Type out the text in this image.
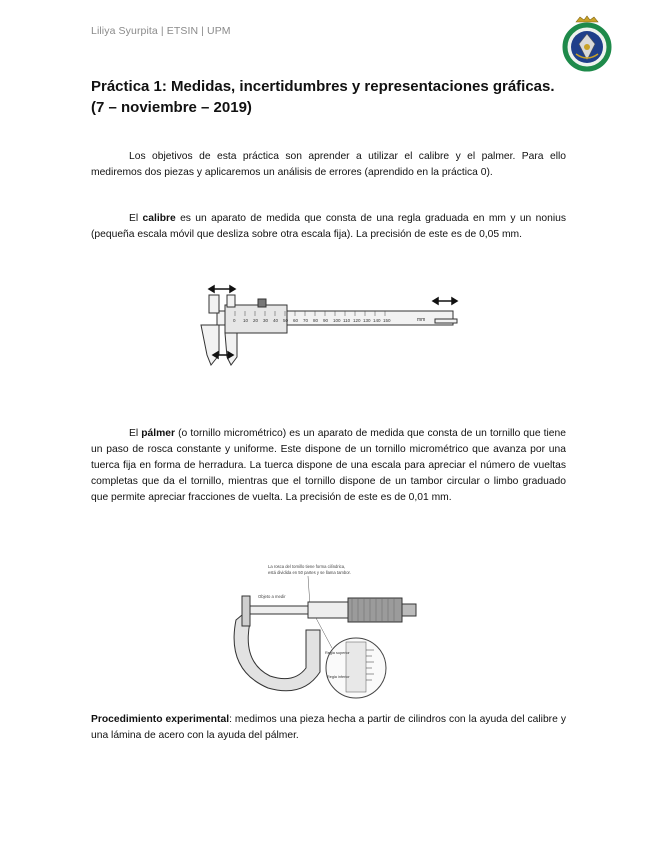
Liliya Syurpita | ETSIN | UPM
Práctica 1: Medidas, incertidumbres y representaciones gráficas. (7 – noviembre – 2019)

Los objetivos de esta práctica son aprender a utilizar el calibre y el palmer. Para ello mediremos dos piezas y aplicaremos un análisis de errores (aprendido en la práctica 0).

El calibre es un aparato de medida que consta de una regla graduada en mm y un nonius (pequeña escala móvil que desliza sobre otra escala fija). La precisión de este es de 0,05 mm.

0 10 20 30 40 50 60 70 80 90 100 110 120 130 140 150	mm

El pálmer (o tornillo micrométrico) es un aparato de medida que consta de un tornillo que tiene un paso de rosca constante y uniforme. Este dispone de un tornillo micrométrico que avanza por una tuerca fija en forma de herradura. La tuerca dispone de una escala para apreciar el número de vueltas completas que da el tornillo, mientras que el tornillo dispone de un tambor circular o limbo graduado que permite apreciar fracciones de vuelta. La precisión de este es de 0,01 mm.

La rosca del tornillo tiene forma cilíndrica,
está dividida en 50 partes y se llama tambor.
Objeto a medir
Regla superior
Regla inferior

Procedimiento experimental: medimos una pieza hecha a partir de cilindros con la ayuda del calibre y una lámina de acero con la ayuda del pálmer.
